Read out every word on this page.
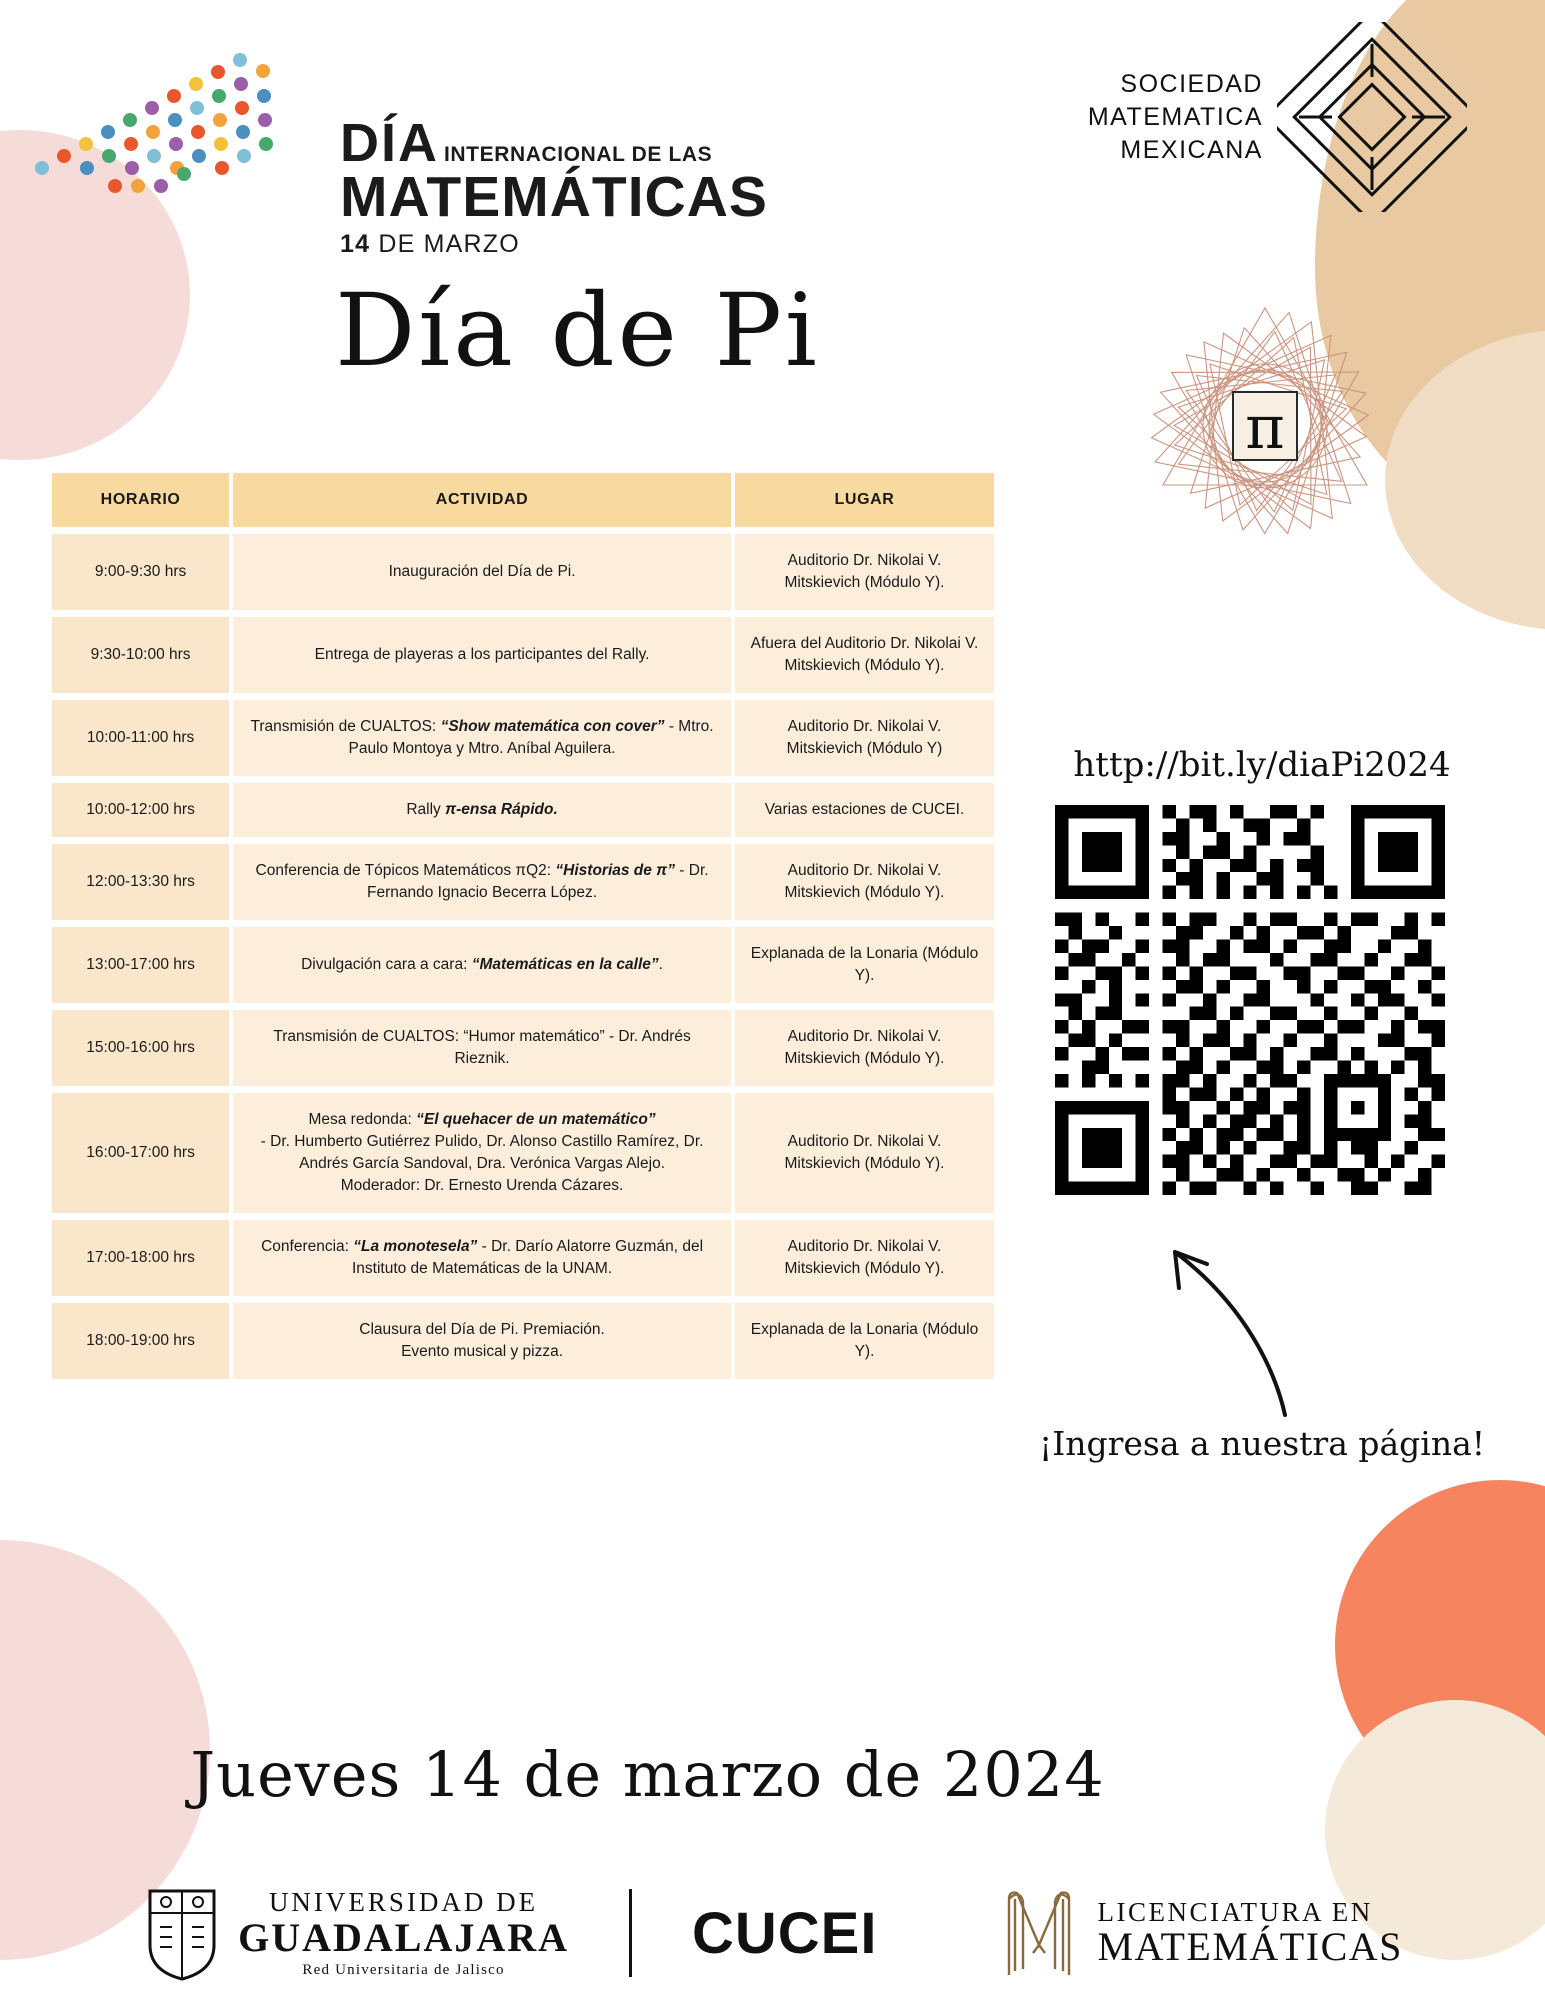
DÍA INTERNACIONAL DE LAS
MATEMÁTICAS
14 DE MARZO
SOCIEDAD
MATEMATICA
MEXICANA
Día de Pi
π
HORARIO	ACTIVIDAD	LUGAR
9:00-9:30 hrs	Inauguración del Día de Pi.	Auditorio Dr. Nikolai V. Mitskievich (Módulo Y).
9:30-10:00 hrs	Entrega de playeras a los participantes del Rally.	Afuera del Auditorio Dr. Nikolai V. Mitskievich (Módulo Y).
10:00-11:00 hrs	Transmisión de CUALTOS: “Show matemática con cover” - Mtro. Paulo Montoya y Mtro. Aníbal Aguilera.	Auditorio Dr. Nikolai V. Mitskievich (Módulo Y)
10:00-12:00 hrs	Rally π-ensa Rápido.	Varias estaciones de CUCEI.
12:00-13:30 hrs	Conferencia de Tópicos Matemáticos πQ2: “Historias de π” - Dr. Fernando Ignacio Becerra López.	Auditorio Dr. Nikolai V. Mitskievich (Módulo Y).
13:00-17:00 hrs	Divulgación cara a cara: “Matemáticas en la calle”.	Explanada de la Lonaria (Módulo Y).
15:00-16:00 hrs	Transmisión de CUALTOS: “Humor matemático” - Dr. Andrés Rieznik.	Auditorio Dr. Nikolai V. Mitskievich (Módulo Y).
16:00-17:00 hrs	Mesa redonda: “El quehacer de un matemático”
- Dr. Humberto Gutiérrez Pulido, Dr. Alonso Castillo Ramírez, Dr. Andrés García Sandoval, Dra. Verónica Vargas Alejo.
Moderador: Dr. Ernesto Urenda Cázares.	Auditorio Dr. Nikolai V. Mitskievich (Módulo Y).
17:00-18:00 hrs	Conferencia: “La monotesela” - Dr. Darío Alatorre Guzmán, del Instituto de Matemáticas de la UNAM.	Auditorio Dr. Nikolai V. Mitskievich (Módulo Y).
18:00-19:00 hrs	Clausura del Día de Pi. Premiación.
Evento musical y pizza.	Explanada de la Lonaria (Módulo Y).
http://bit.ly/diaPi2024
¡Ingresa a nuestra página!
Jueves 14 de marzo de 2024
UNIVERSIDAD DE
GUADALAJARA
Red Universitaria de Jalisco
CUCEI	LICENCIATURA EN
MATEMÁTICAS
